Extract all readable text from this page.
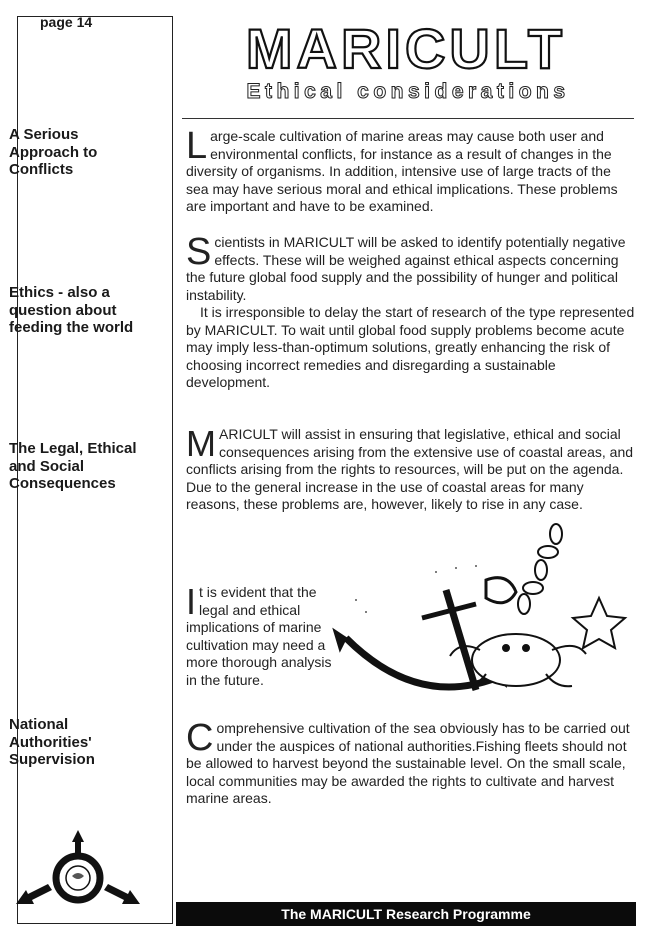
page 14
A Serious Approach to Conflicts
Ethics - also a question about feeding the world
The Legal, Ethical and Social Consequences
National Authorities' Supervision
MARICULT
Ethical considerations

Large-scale cultivation of marine areas may cause both user and environmental conflicts, for instance as a result of changes in the diversity of organisms. In addition, intensive use of large tracts of the sea may have serious moral and ethical implications. These problems are important and have to be examined.

Scientists in MARICULT will be asked to identify potentially negative effects. These will be weighed against ethical aspects concerning the future global food supply and the possibility of hunger and political instability.

It is irresponsible to delay the start of research of the type represented by MARICULT. To wait until global food supply problems become acute may imply less-than-optimum solutions, greatly enhancing the risk of choosing incorrect remedies and disregarding a sustainable development.

MARICULT will assist in ensuring that legislative, ethical and social consequences arising from the extensive use of coastal areas, and conflicts arising from the rights to resources, will be put on the agenda. Due to the general increase in the use of coastal areas for many reasons, these problems are, however, likely to rise in any case.

It is evident that the legal and ethical implications of marine cultivation may need a more thorough analysis in the future.

Comprehensive cultivation of the sea obviously has to be carried out under the auspices of national authorities.Fishing fleets should not be allowed to harvest beyond the sustainable level. On the small scale, local communities may be awarded the rights to cultivate and harvest marine areas.

The MARICULT Research Programme
